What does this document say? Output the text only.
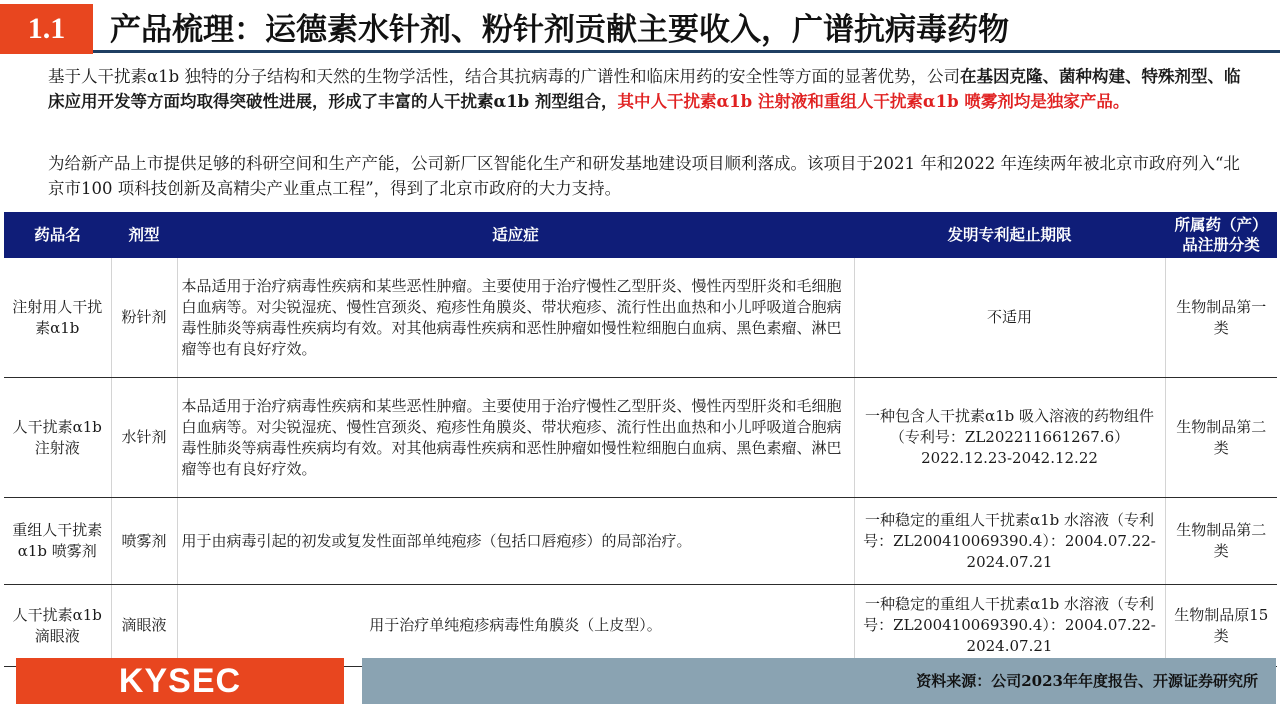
1.1	产品梳理：运德素水针剂、粉针剂贡献主要收入，广谱抗病毒药物
基于人干扰素α1b 独特的分子结构和天然的生物学活性，结合其抗病毒的广谱性和临床用药的安全性等方面的显著优势，公司在基因克隆、菌种构建、特殊剂型、临床应用开发等方面均取得突破性进展，形成了丰富的人干扰素α1b 剂型组合，其中人干扰素α1b 注射液和重组人干扰素α1b 喷雾剂均是独家产品。
为给新产品上市提供足够的科研空间和生产产能，公司新厂区智能化生产和研发基地建设项目顺利落成。该项目于2021 年和2022 年连续两年被北京市政府列入“北京市100 项科技创新及高精尖产业重点工程”，得到了北京市政府的大力支持。
药品名	剂型	适应症	发明专利起止期限	所属药（产）品注册分类
注射用人干扰素α1b	粉针剂	本品适用于治疗病毒性疾病和某些恶性肿瘤。主要使用于治疗慢性乙型肝炎、慢性丙型肝炎和毛细胞白血病等。对尖锐湿疣、慢性宫颈炎、疱疹性角膜炎、带状疱疹、流行性出血热和小儿呼吸道合胞病毒性肺炎等病毒性疾病均有效。对其他病毒性疾病和恶性肿瘤如慢性粒细胞白血病、黑色素瘤、淋巴瘤等也有良好疗效。	不适用	生物制品第一类
人干扰素α1b 注射液	水针剂	本品适用于治疗病毒性疾病和某些恶性肿瘤。主要使用于治疗慢性乙型肝炎、慢性丙型肝炎和毛细胞白血病等。对尖锐湿疣、慢性宫颈炎、疱疹性角膜炎、带状疱疹、流行性出血热和小儿呼吸道合胞病毒性肺炎等病毒性疾病均有效。对其他病毒性疾病和恶性肿瘤如慢性粒细胞白血病、黑色素瘤、淋巴瘤等也有良好疗效。	一种包含人干扰素α1b 吸入溶液的药物组件（专利号：ZL202211661267.6）2022.12.23-2042.12.22	生物制品第二类
重组人干扰素α1b 喷雾剂	喷雾剂	用于由病毒引起的初发或复发性面部单纯疱疹（包括口唇疱疹）的局部治疗。	一种稳定的重组人干扰素α1b 水溶液（专利号：ZL200410069390.4）：2004.07.22-2024.07.21	生物制品第二类
人干扰素α1b 滴眼液	滴眼液	用于治疗单纯疱疹病毒性角膜炎（上皮型）。	一种稳定的重组人干扰素α1b 水溶液（专利号：ZL200410069390.4）：2004.07.22-2024.07.21	生物制品原15 类
KYSEC	资料来源：公司2023年年度报告、开源证券研究所
